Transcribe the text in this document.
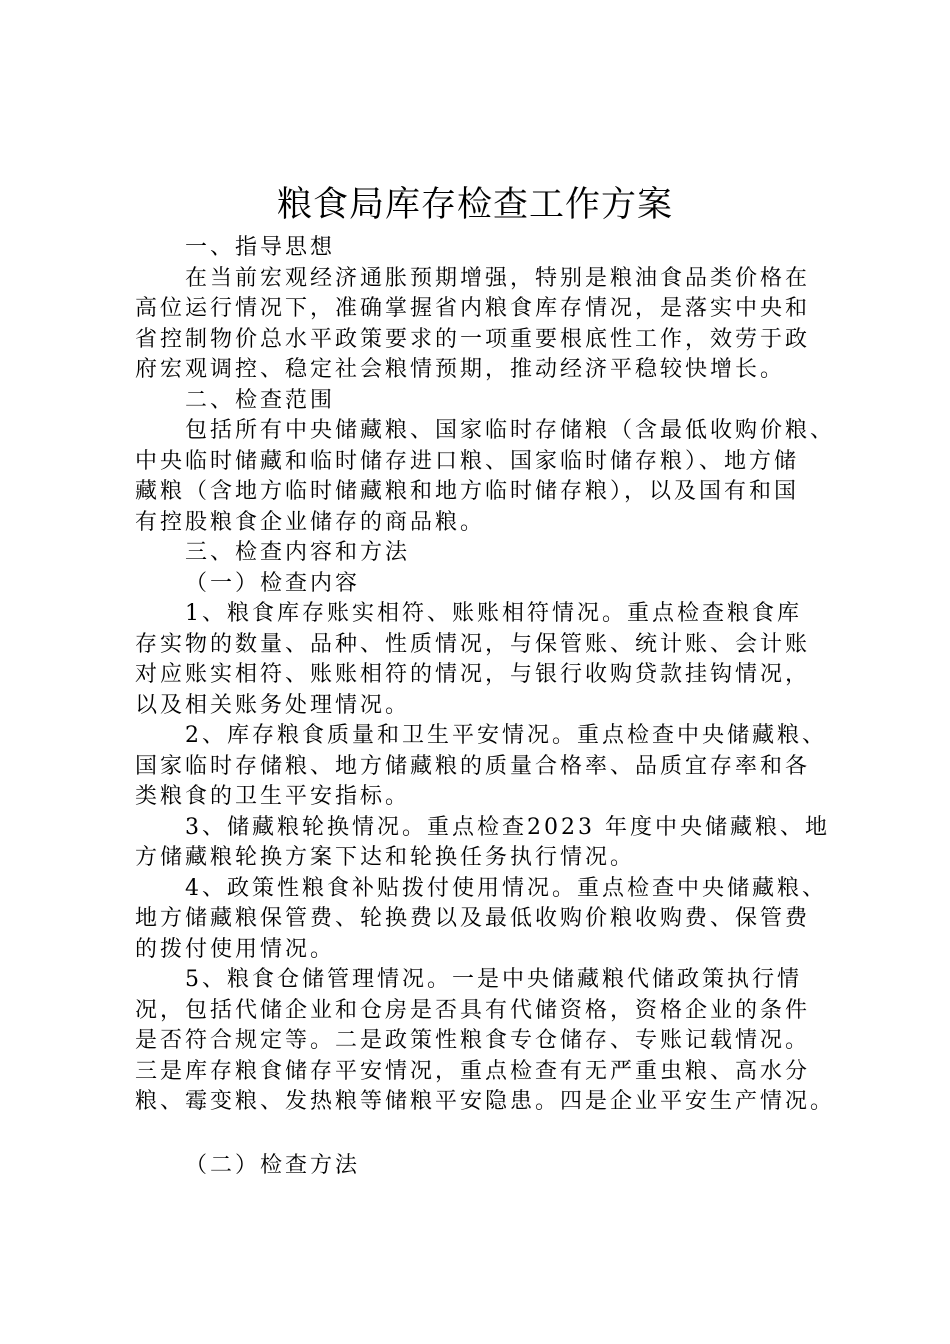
粮食局库存检查工作方案
一、指导思想
在当前宏观经济通胀预期增强，特别是粮油食品类价格在
高位运行情况下，准确掌握省内粮食库存情况，是落实中央和
省控制物价总水平政策要求的一项重要根底性工作，效劳于政
府宏观调控、稳定社会粮情预期，推动经济平稳较快增长。
二、检查范围
包括所有中央储藏粮、国家临时存储粮（含最低收购价粮、
中央临时储藏和临时储存进口粮、国家临时储存粮）、地方储
藏粮（含地方临时储藏粮和地方临时储存粮），以及国有和国
有控股粮食企业储存的商品粮。
三、检查内容和方法
（一）检查内容
1、粮食库存账实相符、账账相符情况。重点检查粮食库
存实物的数量、品种、性质情况，与保管账、统计账、会计账
对应账实相符、账账相符的情况，与银行收购贷款挂钩情况，
以及相关账务处理情况。
2、库存粮食质量和卫生平安情况。重点检查中央储藏粮、
国家临时存储粮、地方储藏粮的质量合格率、品质宜存率和各
类粮食的卫生平安指标。
3、储藏粮轮换情况。重点检查2023 年度中央储藏粮、地
方储藏粮轮换方案下达和轮换任务执行情况。
4、政策性粮食补贴拨付使用情况。重点检查中央储藏粮、
地方储藏粮保管费、轮换费以及最低收购价粮收购费、保管费
的拨付使用情况。
5、粮食仓储管理情况。一是中央储藏粮代储政策执行情
况，包括代储企业和仓房是否具有代储资格，资格企业的条件
是否符合规定等。二是政策性粮食专仓储存、专账记载情况。
三是库存粮食储存平安情况，重点检查有无严重虫粮、高水分
粮、霉变粮、发热粮等储粮平安隐患。四是企业平安生产情况。
（二）检查方法
